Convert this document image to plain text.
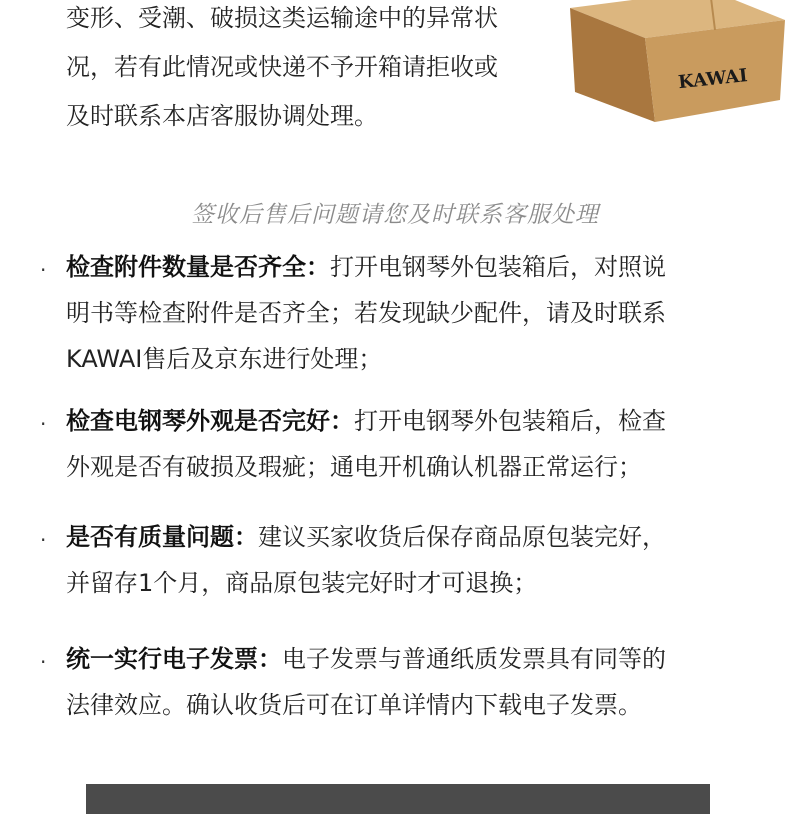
变形、受潮、破损这类运输途中的异常状
况，若有此情况或快递不予开箱请拒收或
及时联系本店客服协调处理。
KAWAI
签收后售后问题请您及时联系客服处理
· 检查附件数量是否齐全：打开电钢琴外包装箱后，对照说
明书等检查附件是否齐全；若发现缺少配件，请及时联系
KAWAI售后及京东进行处理；
· 检查电钢琴外观是否完好：打开电钢琴外包装箱后，检查
外观是否有破损及瑕疵；通电开机确认机器正常运行；
· 是否有质量问题：建议买家收货后保存商品原包装完好，
并留存1个月，商品原包装完好时才可退换；
· 统一实行电子发票：电子发票与普通纸质发票具有同等的
法律效应。确认收货后可在订单详情内下载电子发票。
